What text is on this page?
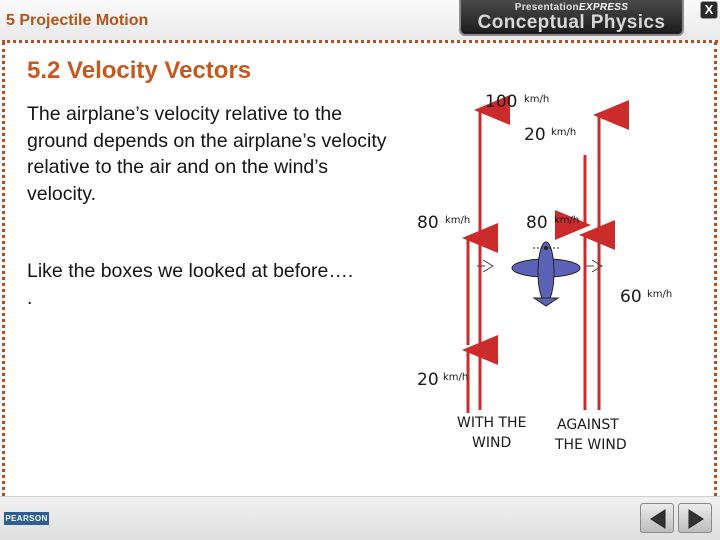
5 Projectile Motion
PresentationEXPRESS
Conceptual Physics
X
5.2 Velocity Vectors
The airplane’s velocity relative to the ground depends on the airplane’s velocity relative to the air and on the wind’s velocity.
Like the boxes we looked at before…. .
100 km/h
20 km/h
80 km/h	80 km/h
60 km/h
20 km/h
WITH THE
WIND
AGAINST
THE WIND
PEARSON
